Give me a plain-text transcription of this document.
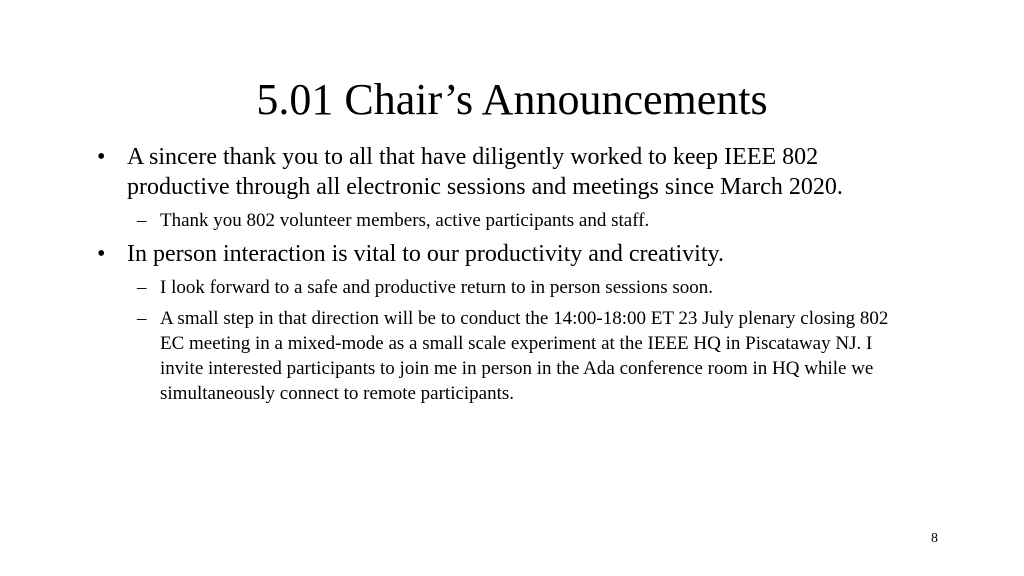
5.01 Chair’s Announcements
• A sincere thank you to all that have diligently worked to keep IEEE 802 productive through all electronic sessions and meetings since March 2020.
– Thank you 802 volunteer members, active participants and staff.
• In person interaction is vital to our productivity and creativity.
– I look forward to a safe and productive return to in person sessions soon.
– A small step in that direction will be to conduct the 14:00-18:00 ET 23 July plenary closing 802 EC meeting in a mixed-mode as a small scale experiment at the IEEE HQ in Piscataway NJ. I invite interested participants to join me in person in the Ada conference room in HQ while we simultaneously connect to remote participants.
8
